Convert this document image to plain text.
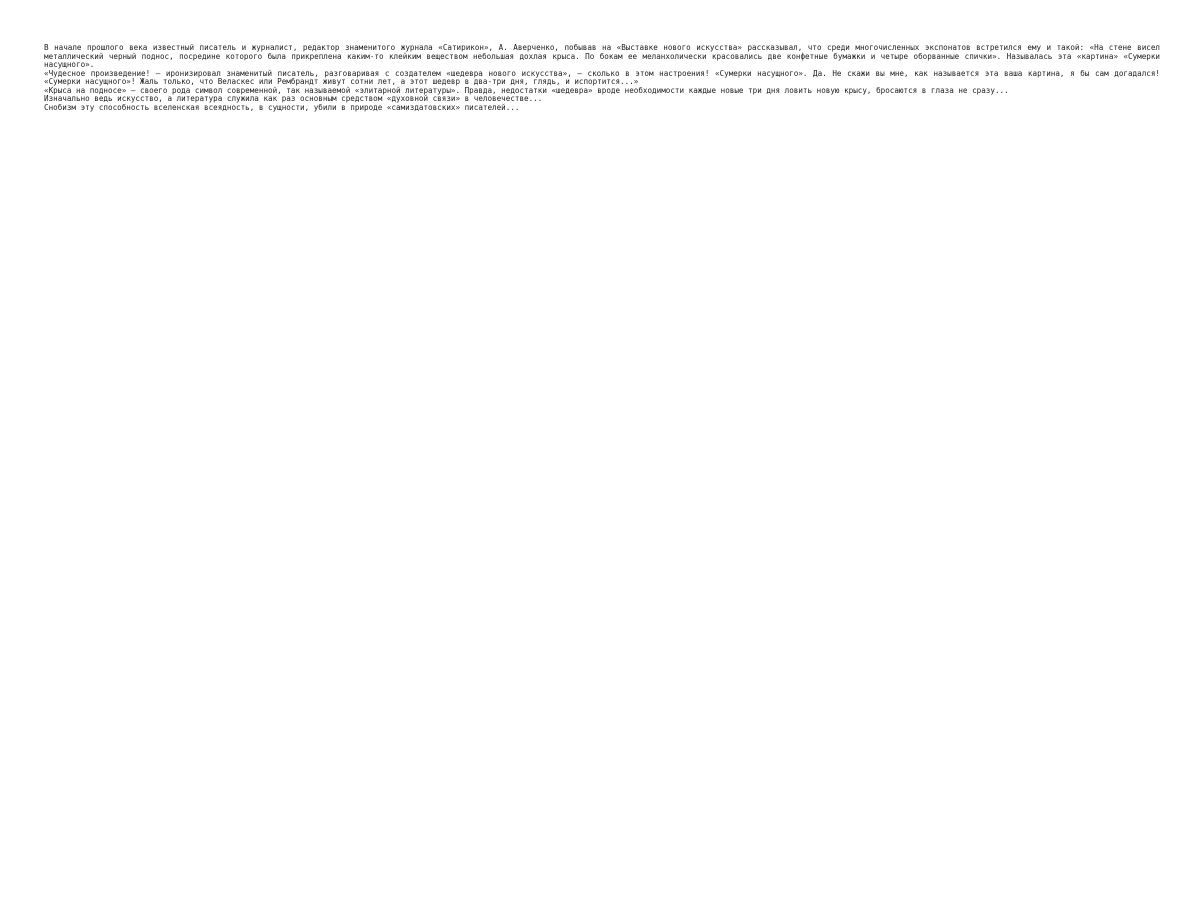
В начале прошлого века известный писатель и журналист, редактор знаменитого журнала «Сатирикон», А. Аверченко, побывав на «Выставке нового искусства» рассказывал, что среди многочисленных экспонатов встретился ему и такой: «На стене висел металлический черный поднос, посредине которого была прикреплена каким-то клейким веществом небольшая дохлая крыса. По бокам ее меланхолически красовались две конфетные бумажки и четыре оборванные спички». Называлась эта «картина» «Сумерки насущного».

«Чудесное произведение! — иронизировал знаменитый писатель, разговаривая с создателем «шедевра нового искусства», — сколько в этом настроения! «Сумерки насущного». Да. Не скажи вы мне, как называется эта ваша картина, я бы сам догадался! «Сумерки насущного»! Жаль только, что Веласкес или Рембрандт живут сотни лет, а этот шедевр в два-три дня, глядь, и испортится...»

«Крыса на подносе» — своего рода символ современной, так называемой «элитарной литературы». Правда, недостатки «шедевра» вроде необходимости каждые новые три дня ловить новую крысу, бросаются в глаза не сразу...

Изначально ведь искусство, а литература служила как раз основным средством «духовной связи» в человечестве...

Снобизм эту способность вселенская всеядность, в сущности, убили в природе «самиздатовских» писателей...
